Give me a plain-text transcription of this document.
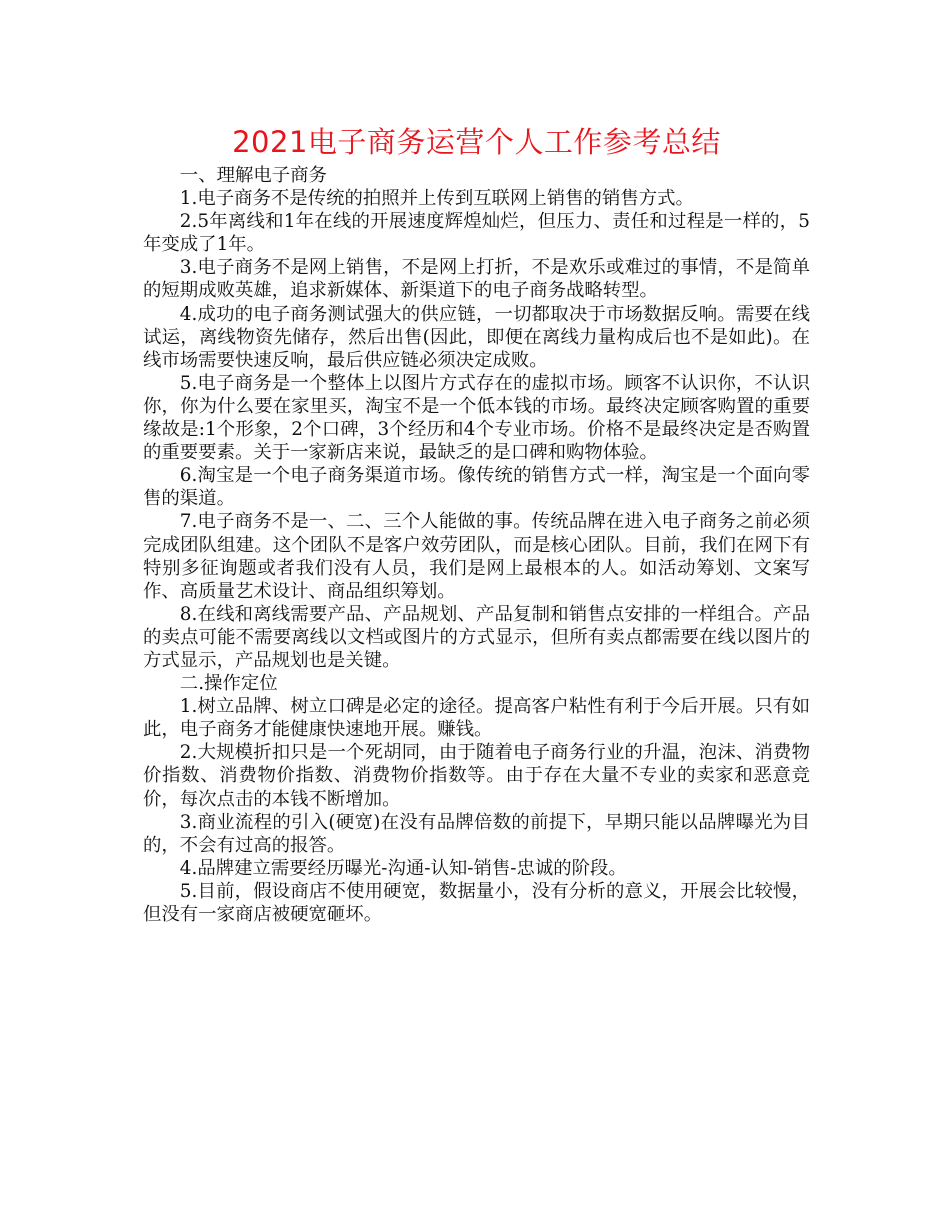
2021电子商务运营个人工作参考总结

一、理解电子商务

1.电子商务不是传统的拍照并上传到互联网上销售的销售方式。

2.5年离线和1年在线的开展速度辉煌灿烂，但压力、责任和过程是一样的，5年变成了1年。

3.电子商务不是网上销售，不是网上打折，不是欢乐或难过的事情，不是简单的短期成败英雄，追求新媒体、新渠道下的电子商务战略转型。

4.成功的电子商务测试强大的供应链，一切都取决于市场数据反响。需要在线试运，离线物资先储存，然后出售(因此，即便在离线力量构成后也不是如此)。在线市场需要快速反响，最后供应链必须决定成败。

5.电子商务是一个整体上以图片方式存在的虚拟市场。顾客不认识你，不认识你，你为什么要在家里买，淘宝不是一个低本钱的市场。最终决定顾客购置的重要缘故是:1个形象，2个口碑，3个经历和4个专业市场。价格不是最终决定是否购置的重要要素。关于一家新店来说，最缺乏的是口碑和购物体验。

6.淘宝是一个电子商务渠道市场。像传统的销售方式一样，淘宝是一个面向零售的渠道。

7.电子商务不是一、二、三个人能做的事。传统品牌在进入电子商务之前必须完成团队组建。这个团队不是客户效劳团队，而是核心团队。目前，我们在网下有特别多征询题或者我们没有人员，我们是网上最根本的人。如活动筹划、文案写作、高质量艺术设计、商品组织筹划。

8.在线和离线需要产品、产品规划、产品复制和销售点安排的一样组合。产品的卖点可能不需要离线以文档或图片的方式显示，但所有卖点都需要在线以图片的方式显示，产品规划也是关键。

二.操作定位

1.树立品牌、树立口碑是必定的途径。提高客户粘性有利于今后开展。只有如此，电子商务才能健康快速地开展。赚钱。

2.大规模折扣只是一个死胡同，由于随着电子商务行业的升温，泡沫、消费物价指数、消费物价指数、消费物价指数等。由于存在大量不专业的卖家和恶意竞价，每次点击的本钱不断增加。

3.商业流程的引入(硬宽)在没有品牌倍数的前提下，早期只能以品牌曝光为目的，不会有过高的报答。

4.品牌建立需要经历曝光-沟通-认知-销售-忠诚的阶段。

5.目前，假设商店不使用硬宽，数据量小，没有分析的意义，开展会比较慢，但没有一家商店被硬宽砸坏。
